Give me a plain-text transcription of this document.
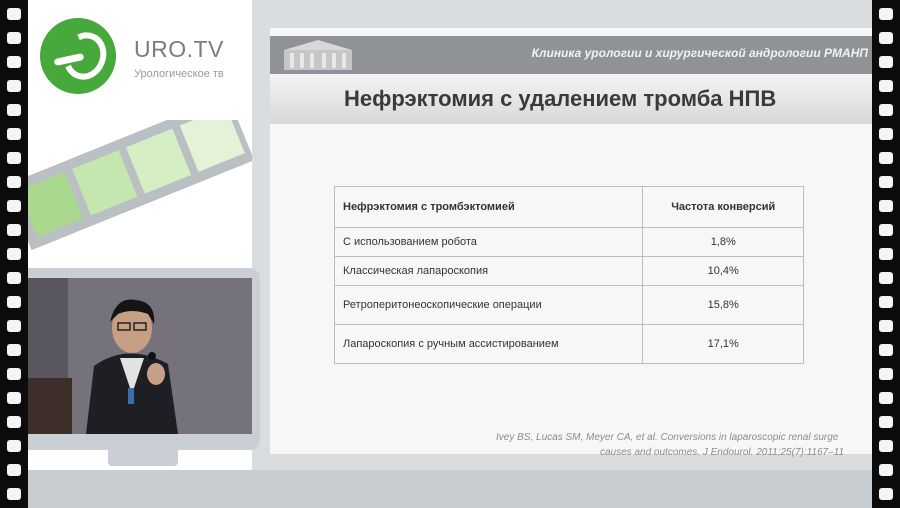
URO.TV
Урологическое тв
Клиника урологии и хирургической андрологии РМАНП
Нефрэктомия с удалением тромба НПВ
Нефрэктомия с тромбэктомией	Частота конверсий
С использованием робота	1,8%
Классическая лапароскопия	10,4%
Ретроперитонеоскопические операции	15,8%
Лапароскопия с ручным ассистированием	17,1%
Ivey BS, Lucas SM, Meyer CA, et al. Conversions in laparoscopic renal surge
causes and outcomes. J Endourol. 2011;25(7):1167–11
